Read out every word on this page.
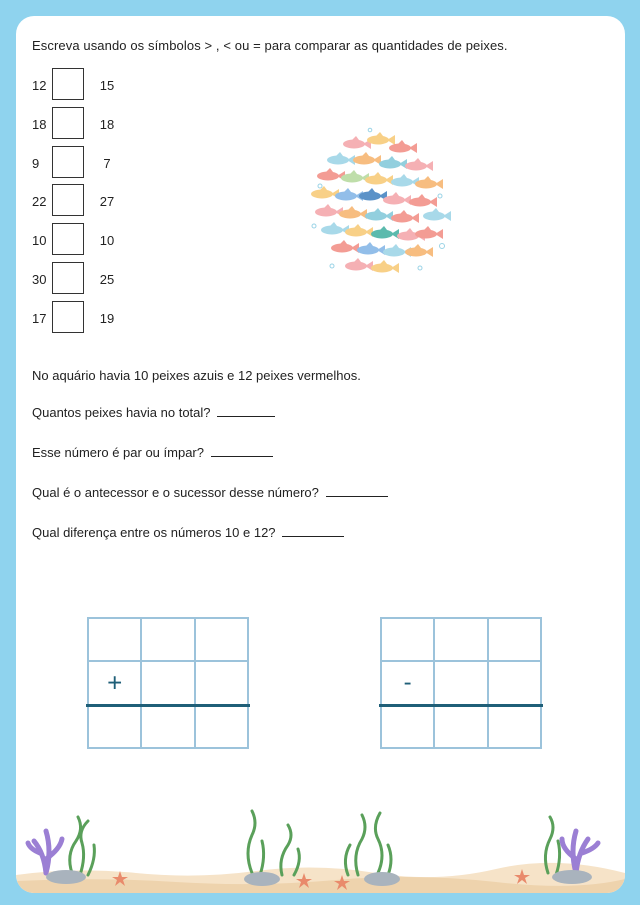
Escreva usando os símbolos > , < ou = para comparar as quantidades de peixes.
12	15
18	18
9	7
22	27
10	10
30	25
17	19
No aquário havia 10 peixes azuis e 12 peixes vermelhos.
Quantos peixes havia no total?
Esse número é par ou ímpar?
Qual é o antecessor e o sucessor desse número?
Qual diferença entre os números 10 e 12?
+	-
